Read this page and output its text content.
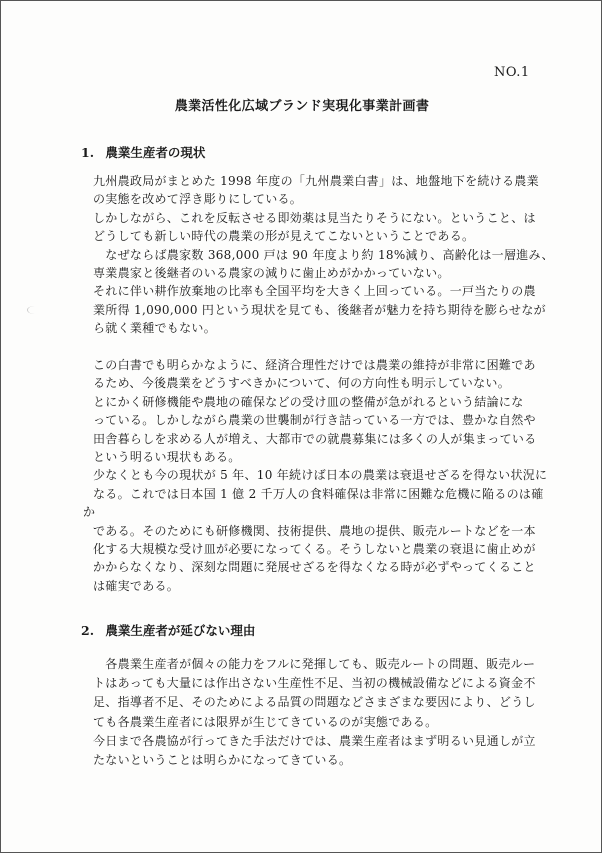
NO.1
農業活性化広域ブランド実現化事業計画書
1. 農業生産者の現状
九州農政局がまとめた 1998 年度の「九州農業白書」は、地盤地下を続ける農業
の実態を改めて浮き彫りにしている。
しかしながら、これを反転させる即効薬は見当たりそうにない。ということ、は
どうしても新しい時代の農業の形が見えてこないということである。
　なぜならば農家数 368,000 戸は 90 年度より約 18%減り、高齢化は一層進み、
専業農家と後継者のいる農家の減りに歯止めがかかっていない。
それに伴い耕作放棄地の比率も全国平均を大きく上回っている。一戸当たりの農
業所得 1,090,000 円という現状を見ても、後継者が魅力を持ち期待を膨らせなが
ら就く業種でもない。
この白書でも明らかなように、経済合理性だけでは農業の維持が非常に困難であ
るため、今後農業をどうすべきかについて、何の方向性も明示していない。
とにかく研修機能や農地の確保などの受け皿の整備が急がれるという結論にな
っている。しかしながら農業の世襲制が行き詰っている一方では、豊かな自然や
田舎暮らしを求める人が増え、大都市での就農募集には多くの人が集まっている
という明るい現状もある。
少なくとも今の現状が 5 年、10 年続けば日本の農業は衰退せざるを得ない状況に
なる。これでは日本国 1 億 2 千万人の食料確保は非常に困難な危機に陥るのは確
か
である。そのためにも研修機関、技術提供、農地の提供、販売ルートなどを一本
化する大規模な受け皿が必要になってくる。そうしないと農業の衰退に歯止めが
かからなくなり、深刻な問題に発展せざるを得なくなる時が必ずやってくること
は確実である。
2. 農業生産者が延びない理由
　各農業生産者が個々の能力をフルに発揮しても、販売ルートの問題、販売ルー
トはあっても大量には作出さない生産性不足、当初の機械設備などによる資金不
足、指導者不足、そのためによる品質の問題などさまざまな要因により、どうし
ても各農業生産者には限界が生じてきているのが実態である。
今日まで各農協が行ってきた手法だけでは、農業生産者はまず明るい見通しが立
たないということは明らかになってきている。
